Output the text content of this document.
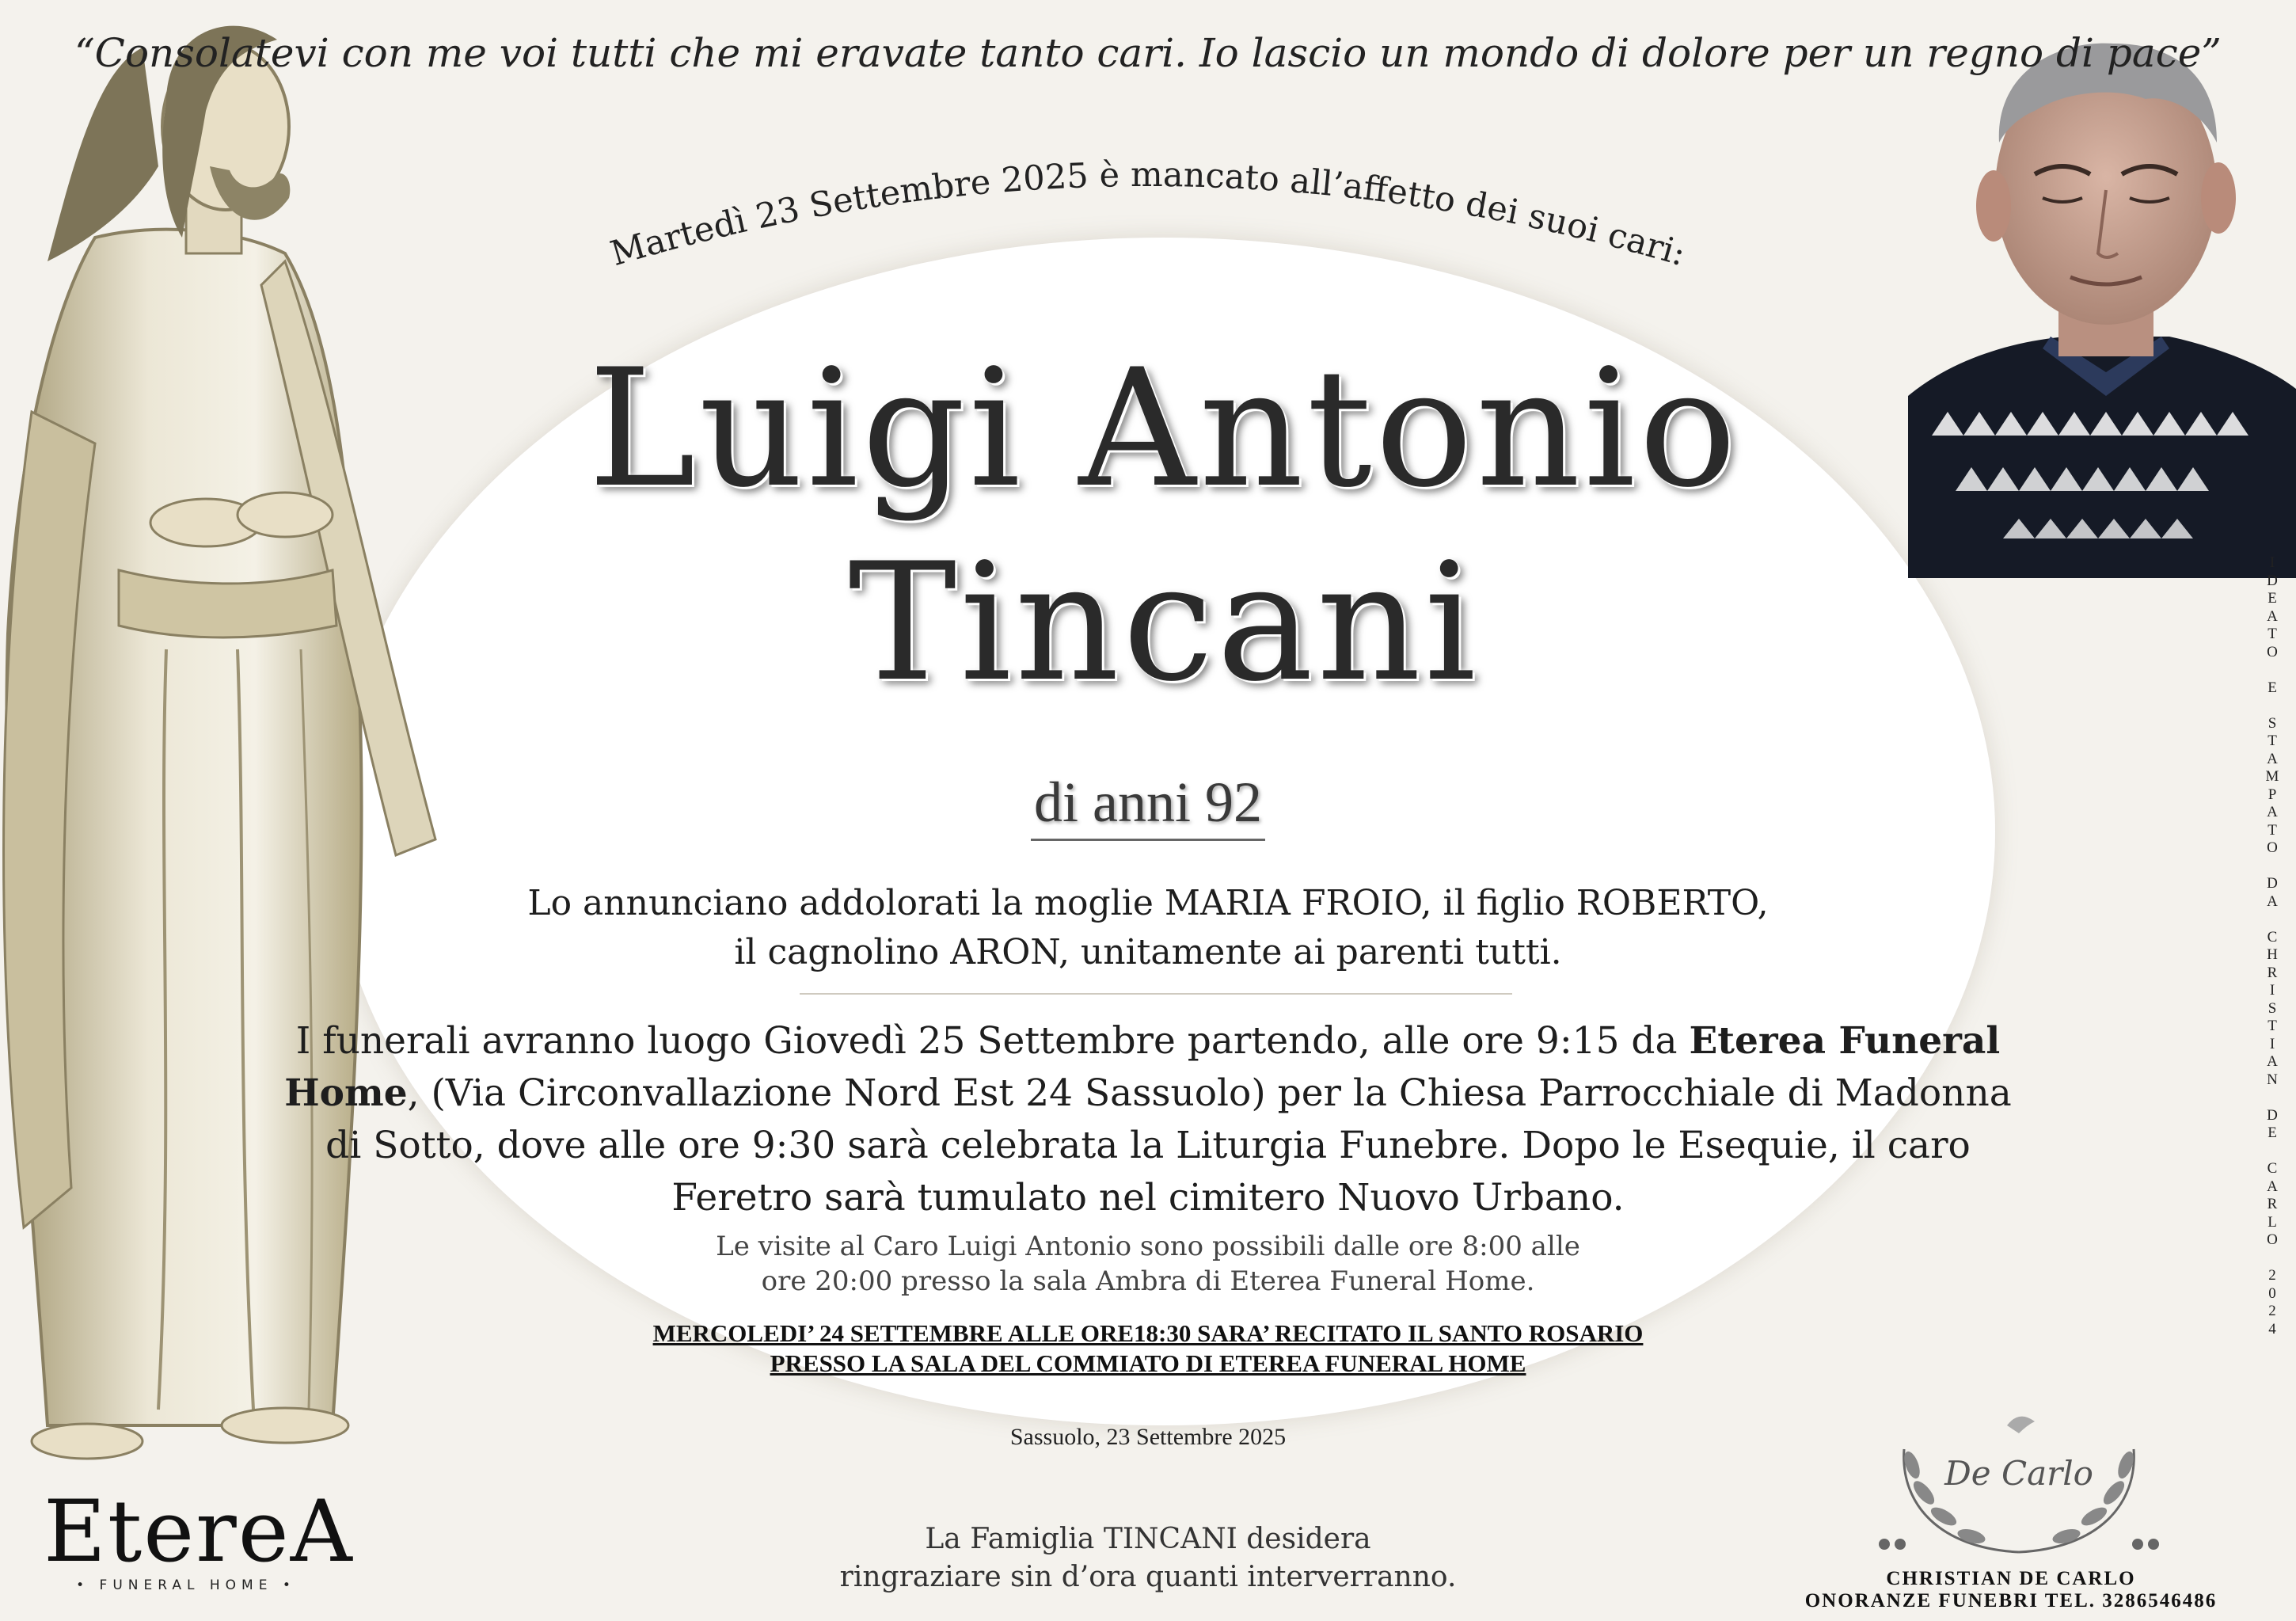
“Consolatevi con me voi tutti che mi eravate tanto cari. Io lascio un mondo di dolore per un regno di pace”
Martedì 23 Settembre 2025 è mancato all’affetto dei suoi cari:
Luigi Antonio
Tincani
di anni 92
Lo annunciano addolorati la moglie MARIA FROIO, il figlio ROBERTO,
il cagnolino ARON, unitamente ai parenti tutti.
I funerali avranno luogo Giovedì 25 Settembre partendo, alle ore 9:15 da Eterea Funeral Home, (Via Circonvallazione Nord Est 24 Sassuolo) per la Chiesa Parrocchiale di Madonna di Sotto, dove alle ore 9:30 sarà celebrata la Liturgia Funebre. Dopo le Esequie, il caro Feretro sarà tumulato nel cimitero Nuovo Urbano.
Le visite al Caro Luigi Antonio sono possibili dalle ore 8:00 alle
ore 20:00 presso la sala Ambra di Eterea Funeral Home.
MERCOLEDI’ 24 SETTEMBRE ALLE ORE18:30 SARA’ RECITATO IL SANTO ROSARIO
PRESSO LA SALA DEL COMMIATO DI ETEREA FUNERAL HOME
Sassuolo, 23 Settembre 2025
La Famiglia TINCANI desidera
ringraziare sin d’ora quanti interverranno.
I
D
E
A
T
O

E

S
T
A
M
P
A
T
O

D
A

C
H
R
I
S
T
I
A
N

D
E

C
A
R
L
O

2
0
2
4
EtereA
• FUNERAL HOME •
De Carlo
CHRISTIAN DE CARLO
ONORANZE FUNEBRI TEL. 3286546486
